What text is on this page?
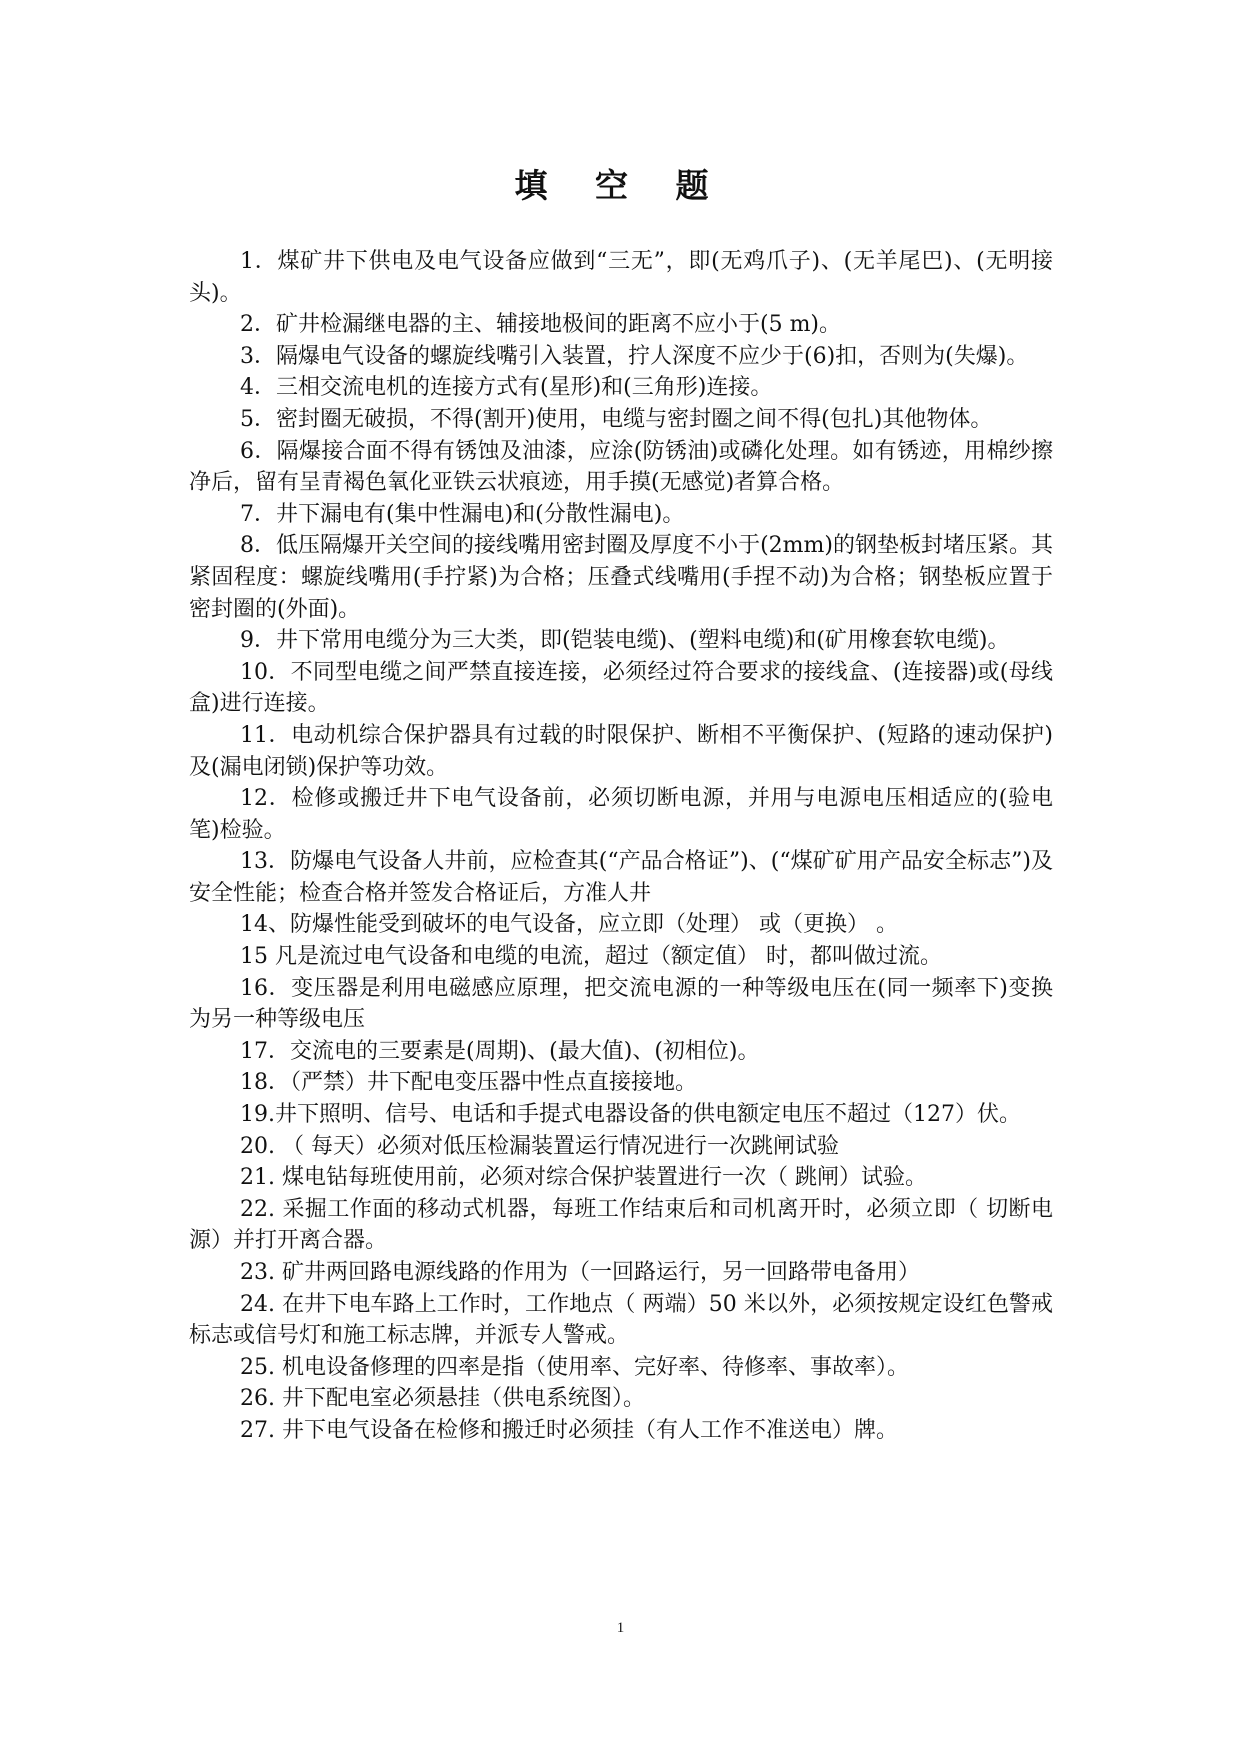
填 空 题

1．煤矿井下供电及电气设备应做到“三无”，即(无鸡爪子)、(无羊尾巴)、(无明接头)。

2．矿井检漏继电器的主、辅接地极间的距离不应小于(5 m)。

3．隔爆电气设备的螺旋线嘴引入装置，拧人深度不应少于(6)扣，否则为(失爆)。

4．三相交流电机的连接方式有(星形)和(三角形)连接。

5．密封圈无破损，不得(割开)使用，电缆与密封圈之间不得(包扎)其他物体。

6．隔爆接合面不得有锈蚀及油漆，应涂(防锈油)或磷化处理。如有锈迹，用棉纱擦净后，留有呈青褐色氧化亚铁云状痕迹，用手摸(无感觉)者算合格。

7．井下漏电有(集中性漏电)和(分散性漏电)。

8．低压隔爆开关空间的接线嘴用密封圈及厚度不小于(2mm)的钢垫板封堵压紧。其紧固程度：螺旋线嘴用(手拧紧)为合格；压叠式线嘴用(手捏不动)为合格；钢垫板应置于密封圈的(外面)。

9．井下常用电缆分为三大类，即(铠装电缆)、(塑料电缆)和(矿用橡套软电缆)。

10．不同型电缆之间严禁直接连接，必须经过符合要求的接线盒、(连接器)或(母线盒)进行连接。

11．电动机综合保护器具有过载的时限保护、断相不平衡保护、(短路的速动保护)及(漏电闭锁)保护等功效。

12．检修或搬迁井下电气设备前，必须切断电源，并用与电源电压相适应的(验电笔)检验。

13．防爆电气设备人井前，应检查其(“产品合格证”)、(“煤矿矿用产品安全标志”)及安全性能；检查合格并签发合格证后，方准人井

14、防爆性能受到破坏的电气设备，应立即（处理） 或（更换） 。

15 凡是流过电气设备和电缆的电流，超过（额定值） 时，都叫做过流。

16．变压器是利用电磁感应原理，把交流电源的一种等级电压在(同一频率下)变换为另一种等级电压

17．交流电的三要素是(周期)、(最大值)、(初相位)。

18．（严禁）井下配电变压器中性点直接接地。

19.井下照明、信号、电话和手提式电器设备的供电额定电压不超过（127）伏。

20. （ 每天）必须对低压检漏装置运行情况进行一次跳闸试验

21. 煤电钻每班使用前，必须对综合保护装置进行一次（ 跳闸）试验。

22. 采掘工作面的移动式机器，每班工作结束后和司机离开时，必须立即（ 切断电源）并打开离合器。

23. 矿井两回路电源线路的作用为（一回路运行，另一回路带电备用）

24. 在井下电车路上工作时，工作地点（ 两端）50 米以外，必须按规定设红色警戒标志或信号灯和施工标志牌，并派专人警戒。

25. 机电设备修理的四率是指（使用率、完好率、待修率、事故率）。

26. 井下配电室必须悬挂（供电系统图）。

27. 井下电气设备在检修和搬迁时必须挂（有人工作不准送电）牌。

1
